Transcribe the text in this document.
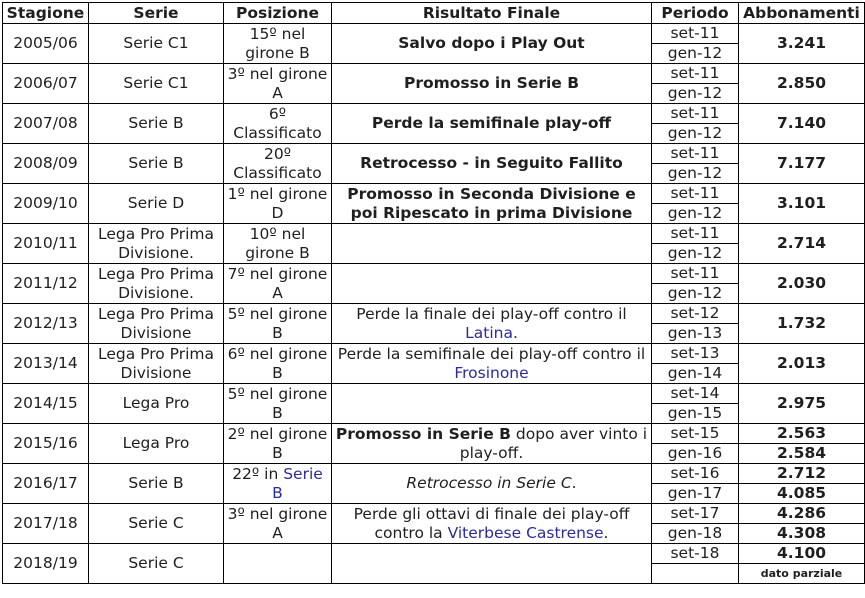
Stagione	Serie	Posizione	Risultato Finale	Periodo	Abbonamenti
2005/06	Serie C1	15º nel girone B	Salvo dopo i Play Out	set-11	3.241
				gen-12	
2006/07	Serie C1	3º nel girone A	Promosso in Serie B	set-11	2.850
				gen-12	
2007/08	Serie B	6º Classificato	Perde la semifinale play-off	set-11	7.140
				gen-12	
2008/09	Serie B	20º Classificato	Retrocesso - in Seguito Fallito	set-11	7.177
				gen-12	
2009/10	Serie D	1º nel girone D	Promosso in Seconda Divisione e poi Ripescato in prima Divisione	set-11	3.101
				gen-12	
2010/11	Lega Pro Prima Divisione.	10º nel girone B		set-11	2.714
				gen-12	
2011/12	Lega Pro Prima Divisione.	7º nel girone A		set-11	2.030
				gen-12	
2012/13	Lega Pro Prima Divisione	5º nel girone B	Perde la finale dei play-off contro il Latina.	set-12	1.732
				gen-13	
2013/14	Lega Pro Prima Divisione	6º nel girone B	Perde la semifinale dei play-off contro il Frosinone	set-13	2.013
				gen-14	
2014/15	Lega Pro	5º nel girone B		set-14	2.975
				gen-15	
2015/16	Lega Pro	2º nel girone B	Promosso in Serie B dopo aver vinto i play-off.	set-15	2.563
				gen-16	2.584
2016/17	Serie B	22º in Serie B	Retrocesso in Serie C.	set-16	2.712
				gen-17	4.085
2017/18	Serie C	3º nel girone A	Perde gli ottavi di finale dei play-off contro la Viterbese Castrense.	set-17	4.286
				gen-18	4.308
2018/19	Serie C			set-18	4.100
					dato parziale
